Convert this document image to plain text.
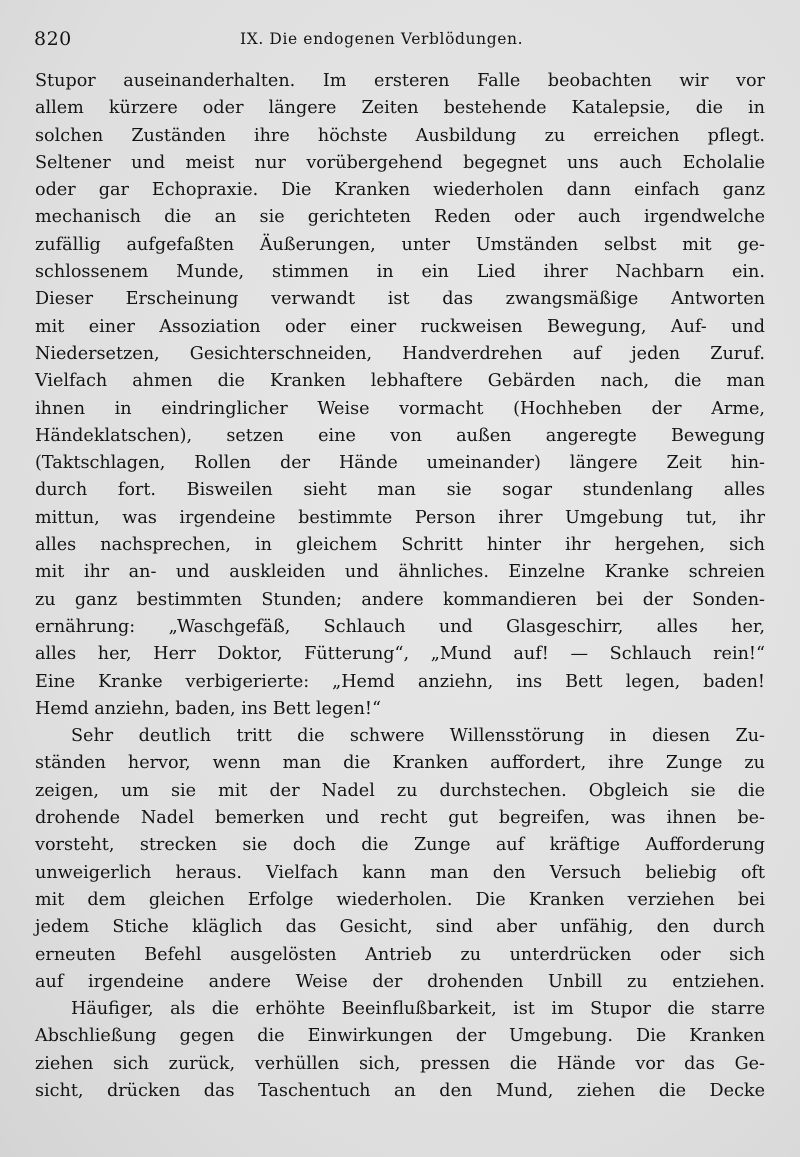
820	IX. Die endogenen Verblödungen.
Stupor auseinanderhalten. Im ersteren Falle beobachten wir vor
allem kürzere oder längere Zeiten bestehende Katalepsie, die in
solchen Zuständen ihre höchste Ausbildung zu erreichen pflegt.
Seltener und meist nur vorübergehend begegnet uns auch Echolalie
oder gar Echopraxie. Die Kranken wiederholen dann einfach ganz
mechanisch die an sie gerichteten Reden oder auch irgendwelche
zufällig aufgefaßten Äußerungen, unter Umständen selbst mit ge-
schlossenem Munde, stimmen in ein Lied ihrer Nachbarn ein.
Dieser Erscheinung verwandt ist das zwangsmäßige Antworten
mit einer Assoziation oder einer ruckweisen Bewegung, Auf- und
Niedersetzen, Gesichterschneiden, Handverdrehen auf jeden Zuruf.
Vielfach ahmen die Kranken lebhaftere Gebärden nach, die man
ihnen in eindringlicher Weise vormacht (Hochheben der Arme,
Händeklatschen), setzen eine von außen angeregte Bewegung
(Taktschlagen, Rollen der Hände umeinander) längere Zeit hin-
durch fort. Bisweilen sieht man sie sogar stundenlang alles
mittun, was irgendeine bestimmte Person ihrer Umgebung tut, ihr
alles nachsprechen, in gleichem Schritt hinter ihr hergehen, sich
mit ihr an- und auskleiden und ähnliches. Einzelne Kranke schreien
zu ganz bestimmten Stunden; andere kommandieren bei der Sonden-
ernährung: „Waschgefäß, Schlauch und Glasgeschirr, alles her,
alles her, Herr Doktor, Fütterung“, „Mund auf! — Schlauch rein!“
Eine Kranke verbigerierte: „Hemd anziehn, ins Bett legen, baden!
Hemd anziehn, baden, ins Bett legen!“
Sehr deutlich tritt die schwere Willensstörung in diesen Zu-
ständen hervor, wenn man die Kranken auffordert, ihre Zunge zu
zeigen, um sie mit der Nadel zu durchstechen. Obgleich sie die
drohende Nadel bemerken und recht gut begreifen, was ihnen be-
vorsteht, strecken sie doch die Zunge auf kräftige Aufforderung
unweigerlich heraus. Vielfach kann man den Versuch beliebig oft
mit dem gleichen Erfolge wiederholen. Die Kranken verziehen bei
jedem Stiche kläglich das Gesicht, sind aber unfähig, den durch
erneuten Befehl ausgelösten Antrieb zu unterdrücken oder sich
auf irgendeine andere Weise der drohenden Unbill zu entziehen.
Häufiger, als die erhöhte Beeinflußbarkeit, ist im Stupor die starre
Abschließung gegen die Einwirkungen der Umgebung. Die Kranken
ziehen sich zurück, verhüllen sich, pressen die Hände vor das Ge-
sicht, drücken das Taschentuch an den Mund, ziehen die Decke
